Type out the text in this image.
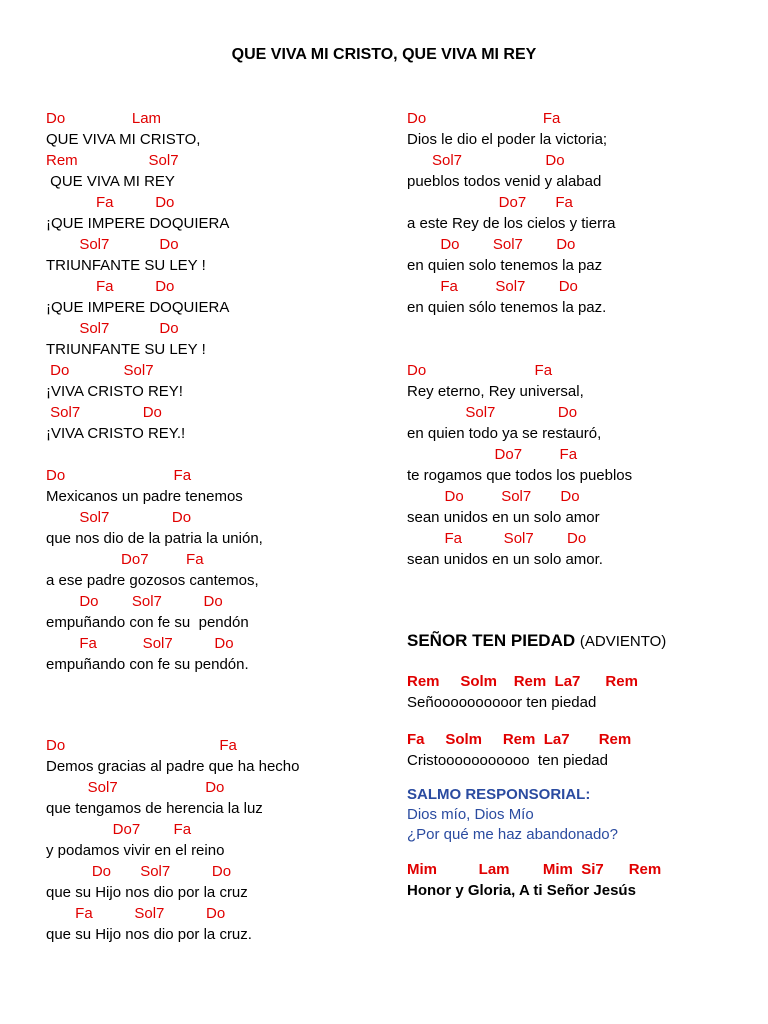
QUE VIVA MI CRISTO, QUE VIVA MI REY
Do                Lam
QUE VIVA MI CRISTO,
Rem                 Sol7
QUE VIVA MI REY
Fa          Do
¡QUE IMPERE DOQUIERA
Sol7            Do
TRIUNFANTE SU LEY !
Fa          Do
¡QUE IMPERE DOQUIERA
Sol7            Do
TRIUNFANTE SU LEY !
Do             Sol7
¡VIVA CRISTO REY!
Sol7               Do
¡VIVA CRISTO REY.!
Do                          Fa
Mexicanos un padre tenemos
Sol7               Do
que nos dio de la patria la unión,
Do7         Fa
a ese padre gozosos cantemos,
Do        Sol7          Do
empuñando con fe su  pendón
Fa           Sol7          Do
empuñando con fe su pendón.
Do                                     Fa
Demos gracias al padre que ha hecho
Sol7                     Do
que tengamos de herencia la luz
Do7        Fa
y podamos vivir en el reino
Do       Sol7          Do
que su Hijo nos dio por la cruz
Fa          Sol7          Do
que su Hijo nos dio por la cruz.
Do                            Fa
Dios le dio el poder la victoria;
Sol7                    Do
pueblos todos venid y alabad
Do7       Fa
a este Rey de los cielos y tierra
Do        Sol7        Do
en quien solo tenemos la paz
Fa         Sol7        Do
en quien sólo tenemos la paz.
Do                          Fa
Rey eterno, Rey universal,
Sol7               Do
en quien todo ya se restauró,
Do7         Fa
te rogamos que todos los pueblos
Do         Sol7       Do
sean unidos en un solo amor
Fa          Sol7        Do
sean unidos en un solo amor.
SEÑOR TEN PIEDAD (ADVIENTO)
Rem     Solm    Rem  La7      Rem
Señoooooooooor ten piedad
Fa     Solm     Rem  La7       Rem
Cristooooooooooo  ten piedad
SALMO RESPONSORIAL:
Dios mío, Dios Mío
¿Por qué me haz abandonado?
Mim          Lam        Mim  Si7      Rem
Honor y Gloria, A ti Señor Jesús
